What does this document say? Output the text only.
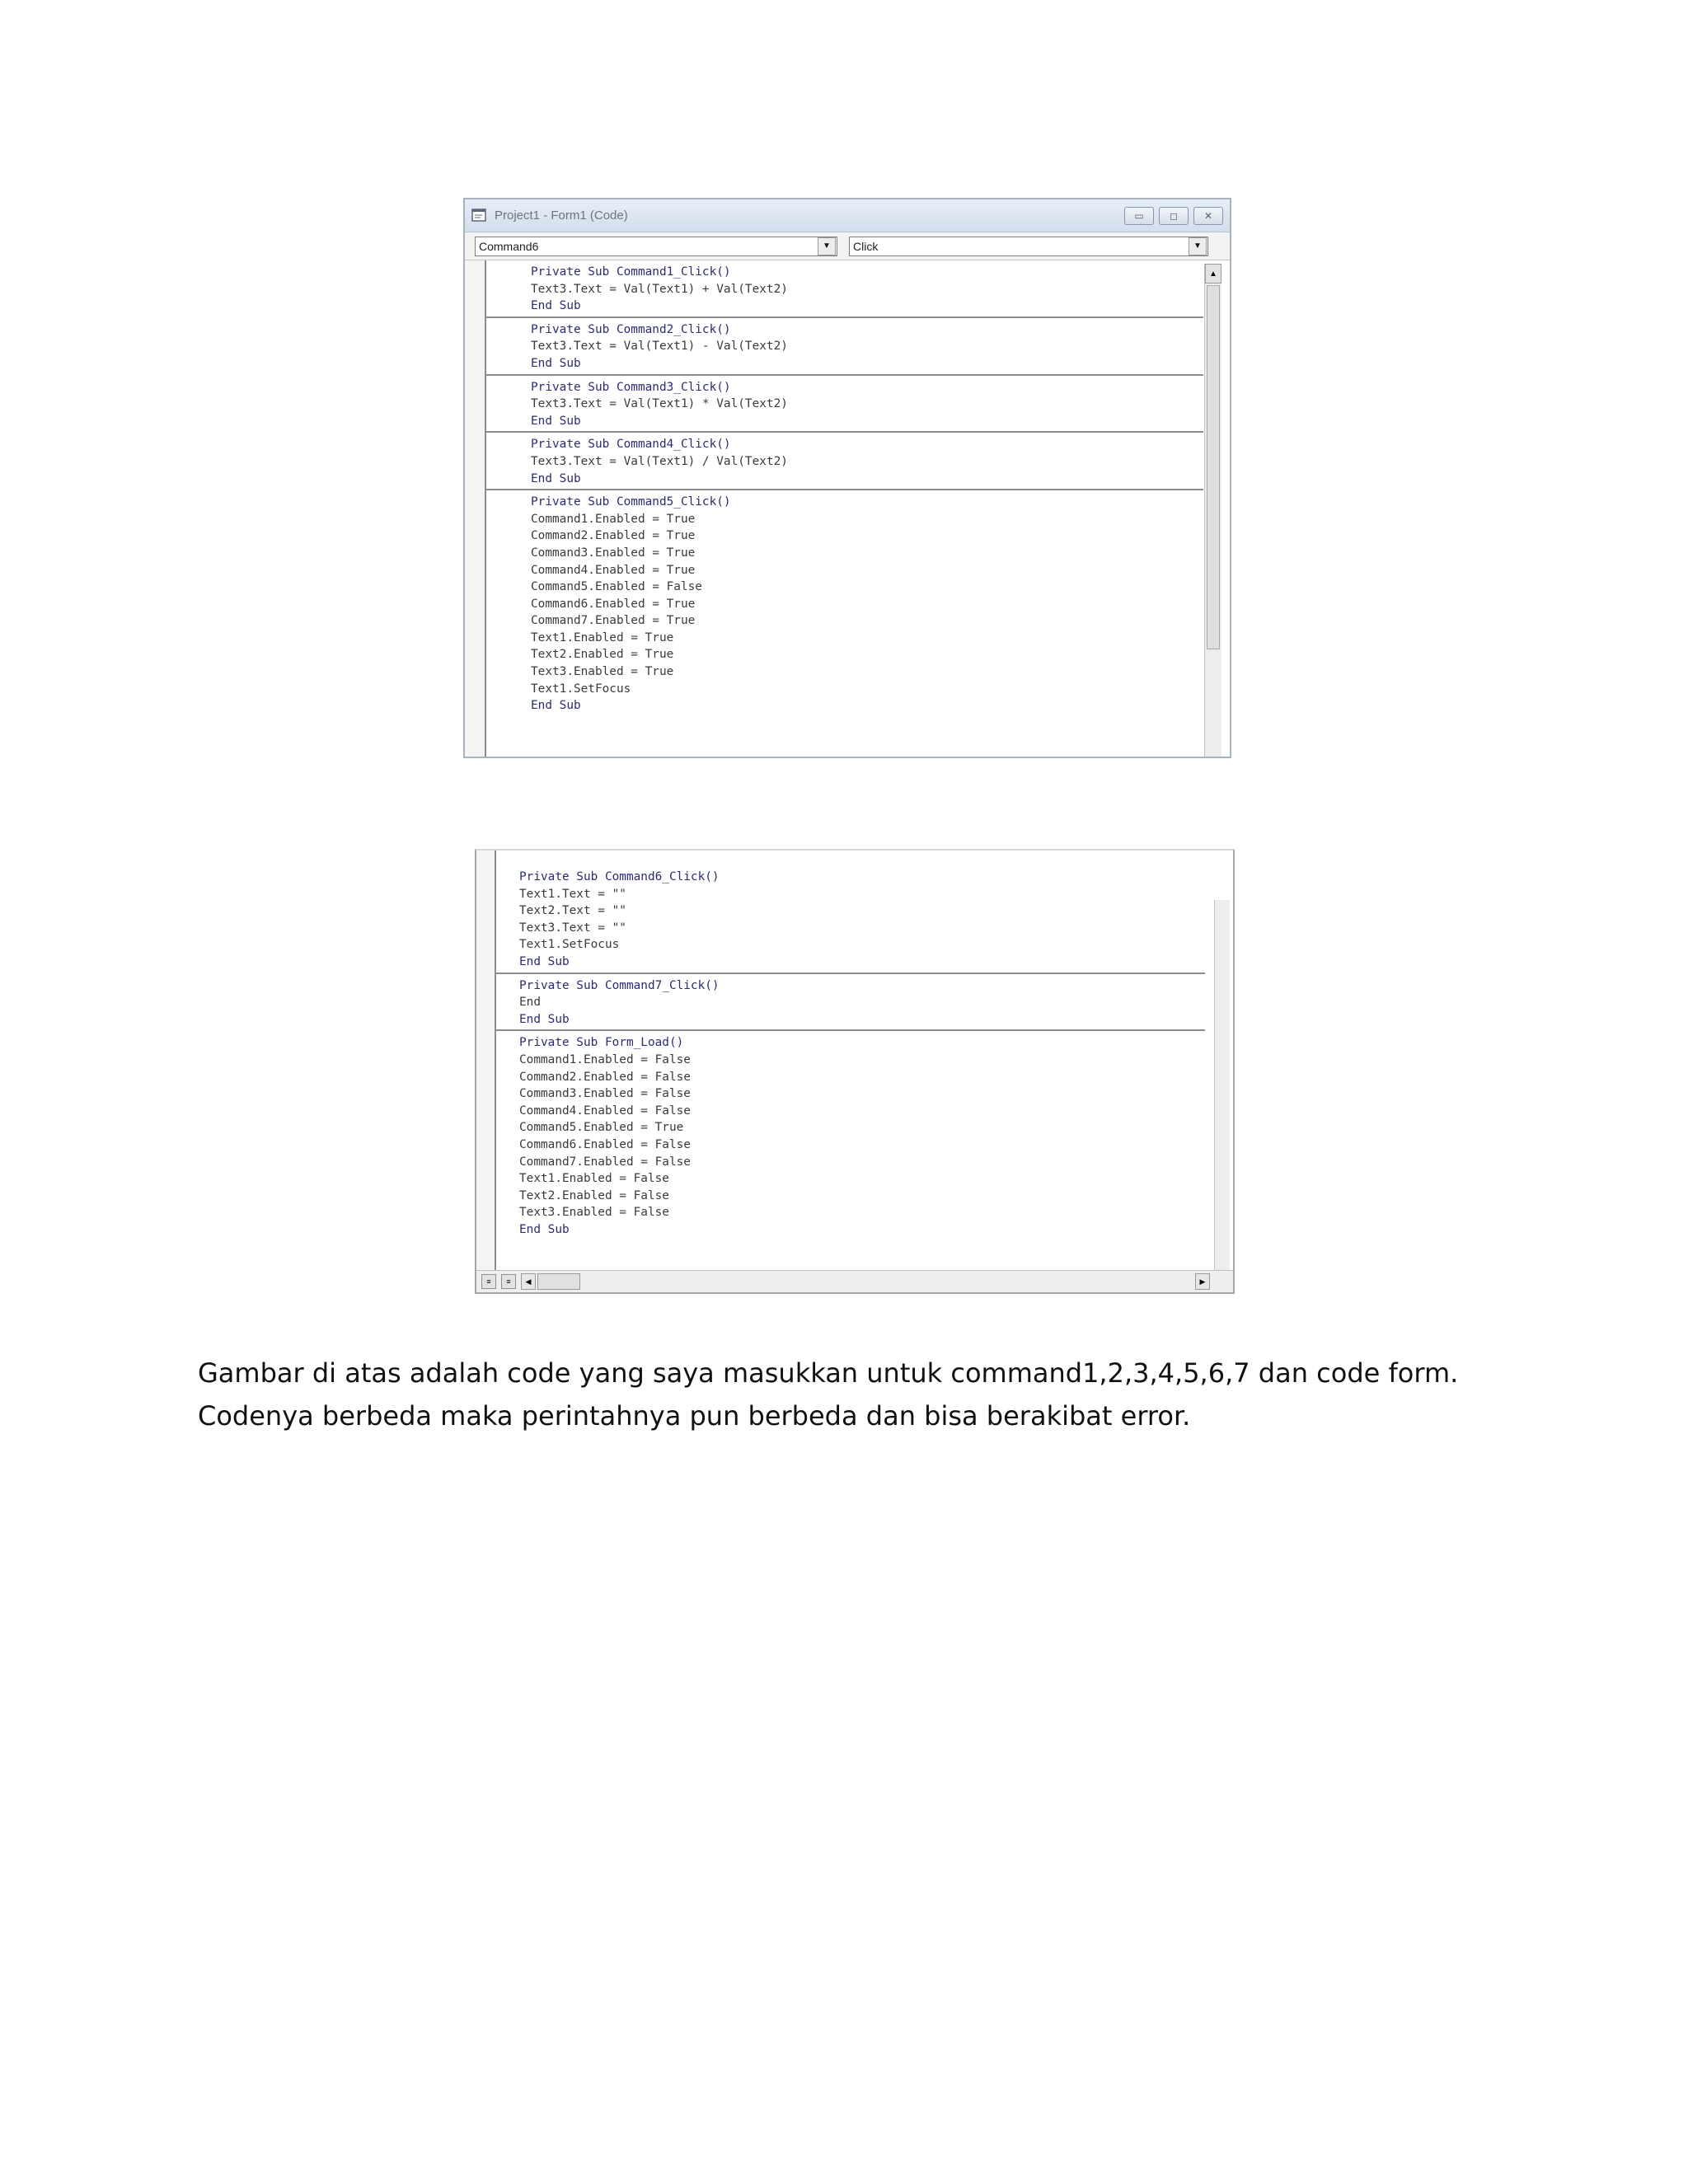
Project1 - Form1 (Code)	▭	◻	✕
Command6	▼	Click	▼
Private Sub Command1_Click()
Text3.Text = Val(Text1) + Val(Text2)
End Sub
Private Sub Command2_Click()
Text3.Text = Val(Text1) - Val(Text2)
End Sub
Private Sub Command3_Click()
Text3.Text = Val(Text1) * Val(Text2)
End Sub
Private Sub Command4_Click()
Text3.Text = Val(Text1) / Val(Text2)
End Sub
Private Sub Command5_Click()
Command1.Enabled = True
Command2.Enabled = True
Command3.Enabled = True
Command4.Enabled = True
Command5.Enabled = False
Command6.Enabled = True
Command7.Enabled = True
Text1.Enabled = True
Text2.Enabled = True
Text3.Enabled = True
Text1.SetFocus
End Sub
▲
Private Sub Command6_Click()
Text1.Text = ""
Text2.Text = ""
Text3.Text = ""
Text1.SetFocus
End Sub
Private Sub Command7_Click()
End
End Sub
Private Sub Form_Load()
Command1.Enabled = False
Command2.Enabled = False
Command3.Enabled = False
Command4.Enabled = False
Command5.Enabled = True
Command6.Enabled = False
Command7.Enabled = False
Text1.Enabled = False
Text2.Enabled = False
Text3.Enabled = False
End Sub
≡	≡	◀	▶

Gambar di atas adalah code yang saya masukkan untuk command1,2,3,4,5,6,7 dan code form. Codenya berbeda maka perintahnya pun berbeda dan bisa berakibat error.
